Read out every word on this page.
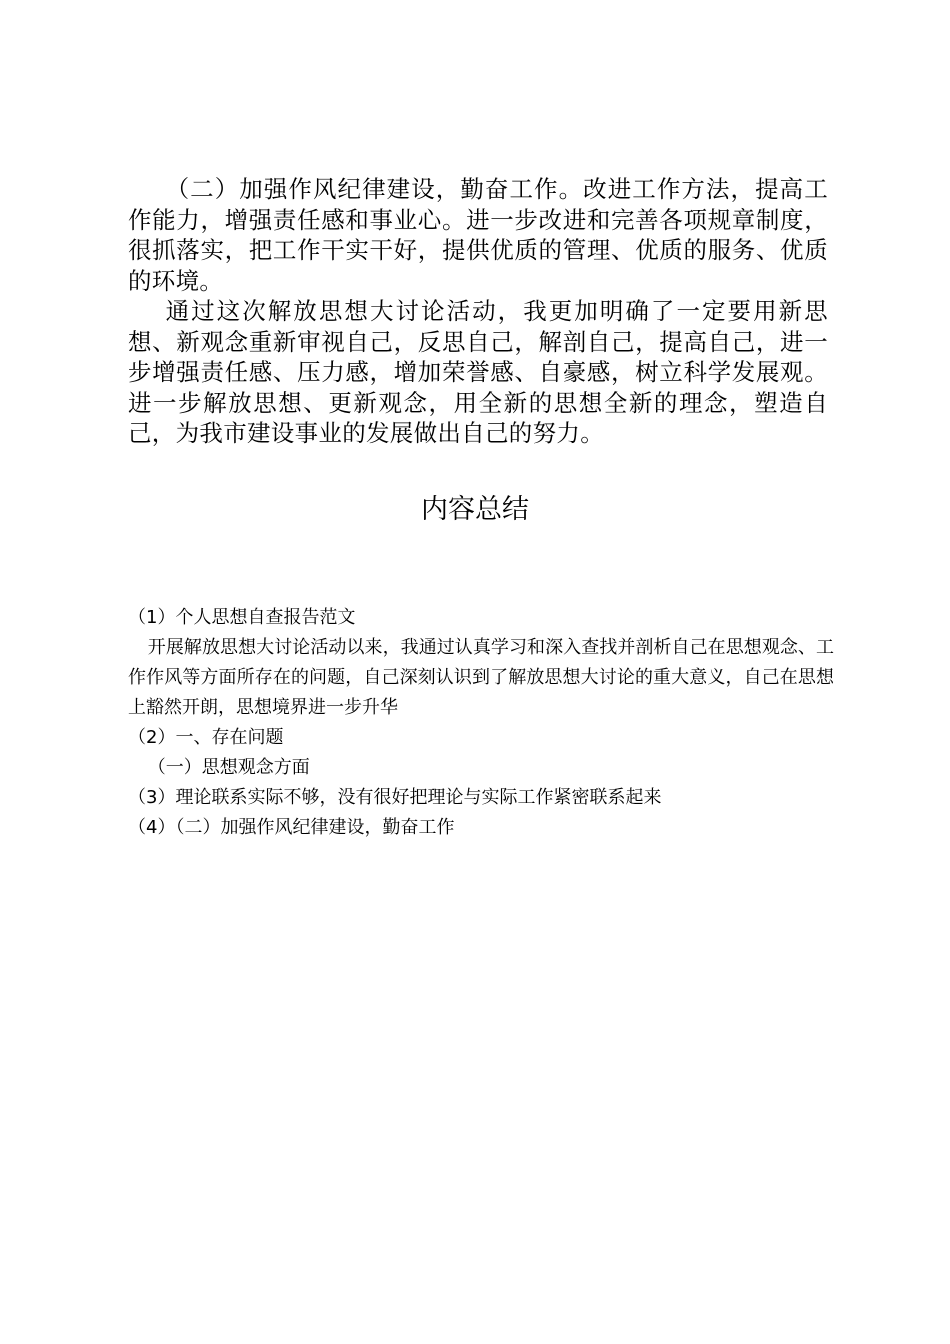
（二）加强作风纪律建设，勤奋工作。改进工作方法，提高工作能力，增强责任感和事业心。进一步改进和完善各项规章制度，很抓落实，把工作干实干好，提供优质的管理、优质的服务、优质的环境。

通过这次解放思想大讨论活动，我更加明确了一定要用新思想、新观念重新审视自己，反思自己，解剖自己，提高自己，进一步增强责任感、压力感，增加荣誉感、自豪感，树立科学发展观。进一步解放思想、更新观念，用全新的思想全新的理念，塑造自己，为我市建设事业的发展做出自己的努力。

内容总结

（1）个人思想自查报告范文

开展解放思想大讨论活动以来，我通过认真学习和深入查找并剖析自己在思想观念、工作作风等方面所存在的问题，自己深刻认识到了解放思想大讨论的重大意义，自己在思想上豁然开朗，思想境界进一步升华

（2）一、存在问题

（一）思想观念方面

（3）理论联系实际不够，没有很好把理论与实际工作紧密联系起来

（4）（二）加强作风纪律建设，勤奋工作
